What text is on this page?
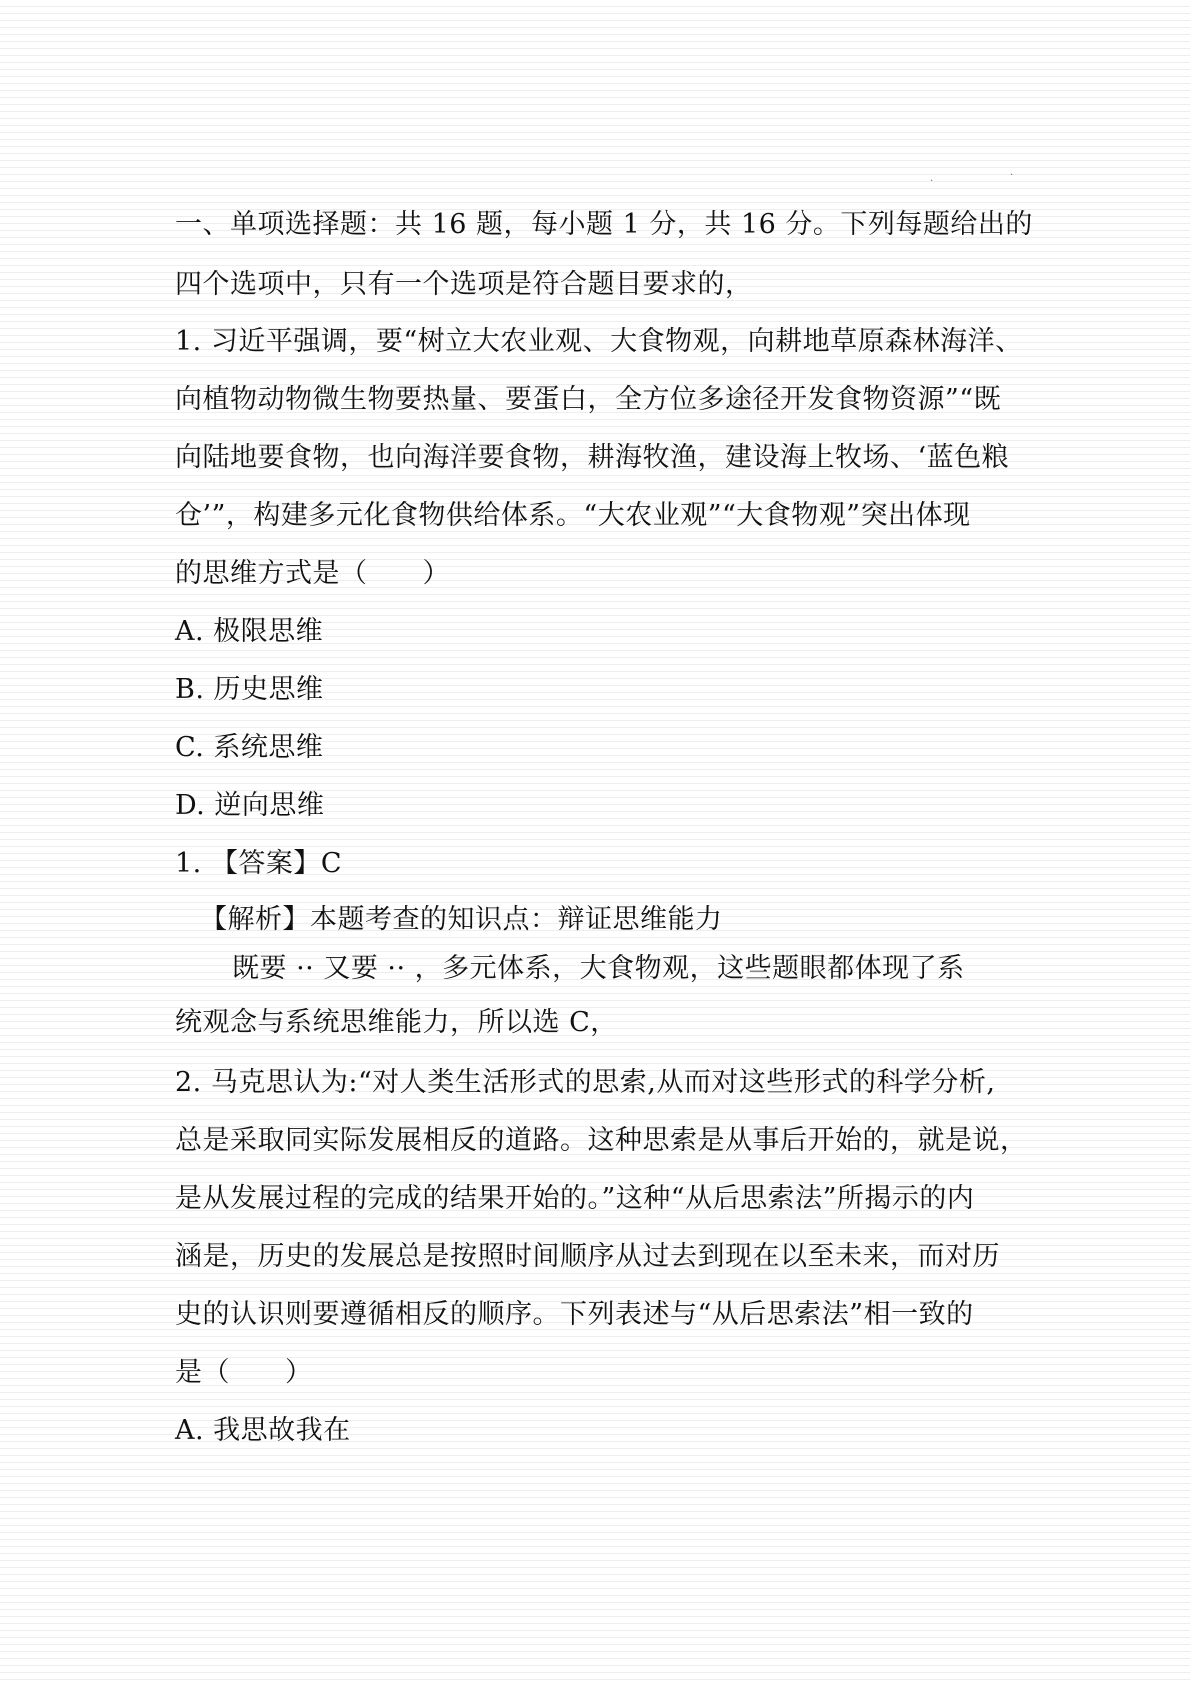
·
·
一、单项选择题：共 16 题，每小题 1 分，共 16 分。下列每题给出的
四个选项中，只有一个选项是符合题目要求的，
1. 习近平强调，要“树立大农业观、大食物观，向耕地草原森林海洋、
向植物动物微生物要热量、要蛋白，全方位多途径开发食物资源”“既
向陆地要食物，也向海洋要食物，耕海牧渔，建设海上牧场、‘蓝色粮
仓’”，构建多元化食物供给体系。“大农业观”“大食物观”突出体现
的思维方式是（　　）
A. 极限思维
B. 历史思维
C. 系统思维
D. 逆向思维
1. 【答案】C
【解析】本题考查的知识点：辩证思维能力
既要 ·· 又要 ·· ，多元体系，大食物观，这些题眼都体现了系
统观念与系统思维能力，所以选 C，
2. 马克思认为:“对人类生活形式的思索,从而对这些形式的科学分析,
总是采取同实际发展相反的道路。这种思索是从事后开始的，就是说，
是从发展过程的完成的结果开始的。”这种“从后思索法”所揭示的内
涵是，历史的发展总是按照时间顺序从过去到现在以至未来，而对历
史的认识则要遵循相反的顺序。下列表述与“从后思索法”相一致的
是（　　）
A. 我思故我在
